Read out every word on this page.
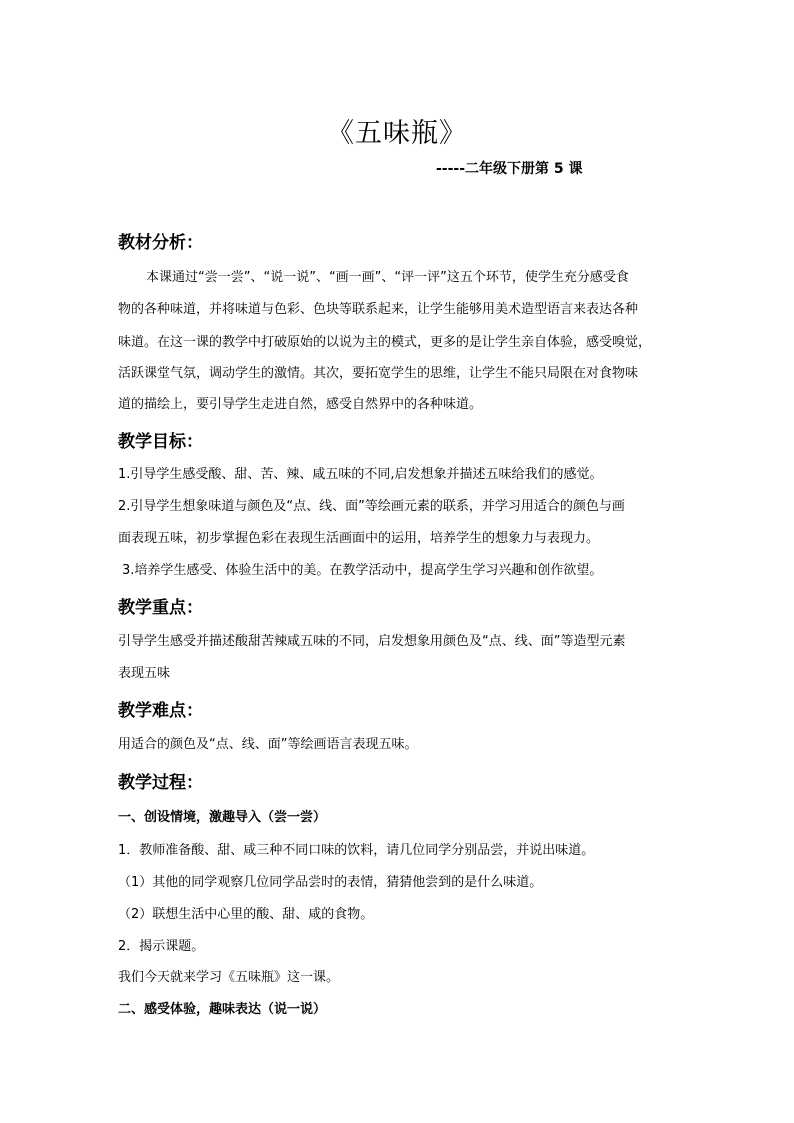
《五味瓶》
-----二年级下册第 5 课
教材分析：
本课通过“尝一尝”、“说一说”、“画一画”、“评一评”这五个环节，使学生充分感受食
物的各种味道，并将味道与色彩、色块等联系起来，让学生能够用美术造型语言来表达各种
味道。在这一课的教学中打破原始的以说为主的模式，更多的是让学生亲自体验，感受嗅觉，
活跃课堂气氛，调动学生的激情。其次，要拓宽学生的思维，让学生不能只局限在对食物味
道的描绘上，要引导学生走进自然，感受自然界中的各种味道。
教学目标：
1.引导学生感受酸、甜、苦、辣、咸五味的不同,启发想象并描述五味给我们的感觉。
2.引导学生想象味道与颜色及“点、线、面”等绘画元素的联系，并学习用适合的颜色与画
面表现五味，初步掌握色彩在表现生活画面中的运用，培养学生的想象力与表现力。
3.培养学生感受、体验生活中的美。在教学活动中，提高学生学习兴趣和创作欲望。
教学重点：
引导学生感受并描述酸甜苦辣咸五味的不同，启发想象用颜色及“点、线、面”等造型元素
表现五味
教学难点：
用适合的颜色及“点、线、面”等绘画语言表现五味。
教学过程：
一、创设情境，激趣导入（尝一尝）
1．教师准备酸、甜、咸三种不同口味的饮料，请几位同学分别品尝，并说出味道。
（1）其他的同学观察几位同学品尝时的表情，猜猜他尝到的是什么味道。
（2）联想生活中心里的酸、甜、咸的食物。
2．揭示课题。
我们今天就来学习《五味瓶》这一课。
二、感受体验，趣味表达（说一说）
